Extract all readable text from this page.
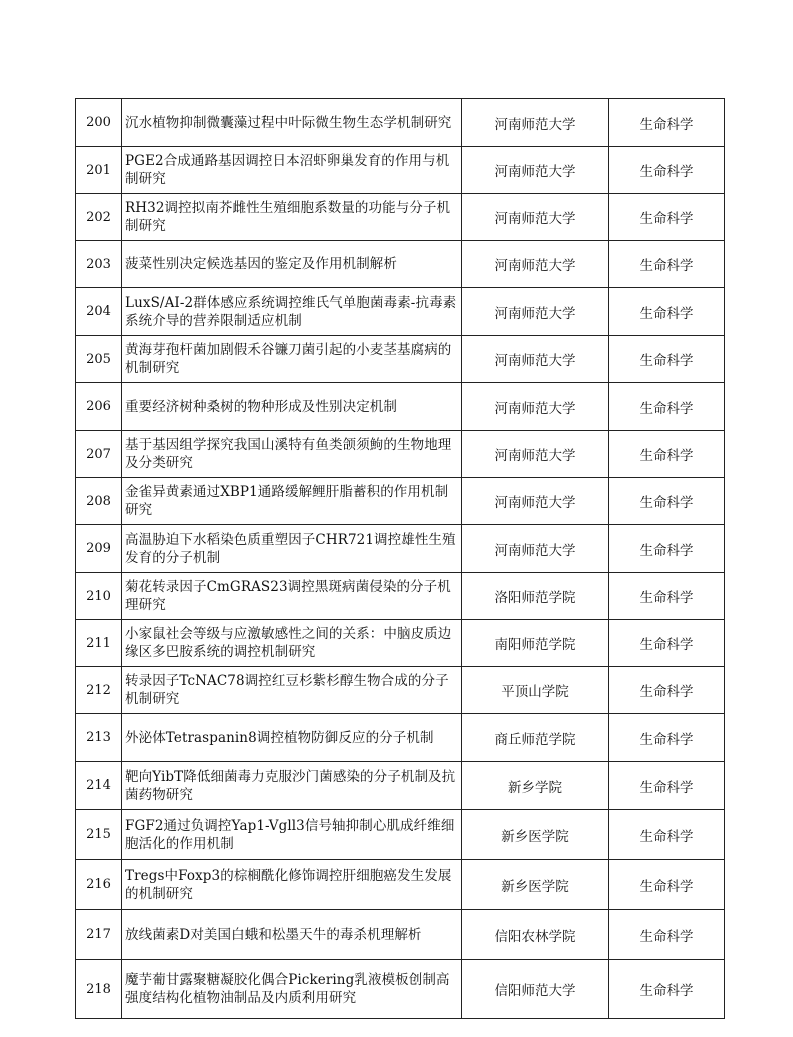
200	沉水植物抑制微囊藻过程中叶际微生物生态学机制研究	河南师范大学	生命科学
201	PGE2合成通路基因调控日本沼虾卵巢发育的作用与机制研究	河南师范大学	生命科学
202	RH32调控拟南芥雌性生殖细胞系数量的功能与分子机制研究	河南师范大学	生命科学
203	菠菜性别决定候选基因的鉴定及作用机制解析	河南师范大学	生命科学
204	LuxS/AI-2群体感应系统调控维氏气单胞菌毒素-抗毒素系统介导的营养限制适应机制	河南师范大学	生命科学
205	黄海芽孢杆菌加剧假禾谷镰刀菌引起的小麦茎基腐病的机制研究	河南师范大学	生命科学
206	重要经济树种桑树的物种形成及性别决定机制	河南师范大学	生命科学
207	基于基因组学探究我国山溪特有鱼类颌须鮈的生物地理及分类研究	河南师范大学	生命科学
208	金雀异黄素通过XBP1通路缓解鲤肝脂蓄积的作用机制研究	河南师范大学	生命科学
209	高温胁迫下水稻染色质重塑因子CHR721调控雄性生殖发育的分子机制	河南师范大学	生命科学
210	菊花转录因子CmGRAS23调控黑斑病菌侵染的分子机理研究	洛阳师范学院	生命科学
211	小家鼠社会等级与应激敏感性之间的关系：中脑皮质边缘区多巴胺系统的调控机制研究	南阳师范学院	生命科学
212	转录因子TcNAC78调控红豆杉紫杉醇生物合成的分子机制研究	平顶山学院	生命科学
213	外泌体Tetraspanin8调控植物防御反应的分子机制	商丘师范学院	生命科学
214	靶向YibT降低细菌毒力克服沙门菌感染的分子机制及抗菌药物研究	新乡学院	生命科学
215	FGF2通过负调控Yap1-Vgll3信号轴抑制心肌成纤维细胞活化的作用机制	新乡医学院	生命科学
216	Tregs中Foxp3的棕榈酰化修饰调控肝细胞癌发生发展的机制研究	新乡医学院	生命科学
217	放线菌素D对美国白蛾和松墨天牛的毒杀机理解析	信阳农林学院	生命科学
218	魔芋葡甘露聚糖凝胶化偶合Pickering乳液模板创制高强度结构化植物油制品及内质利用研究	信阳师范大学	生命科学
